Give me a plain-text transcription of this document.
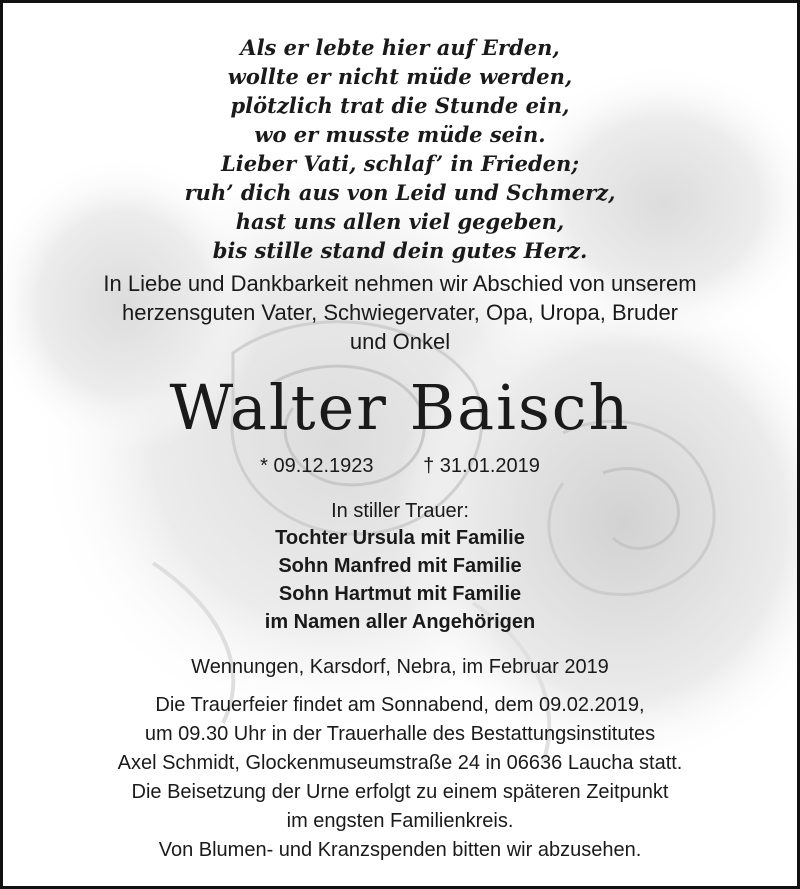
Als er lebte hier auf Erden,
wollte er nicht müde werden,
plötzlich trat die Stunde ein,
wo er musste müde sein.
Lieber Vati, schlaf’ in Frieden;
ruh’ dich aus von Leid und Schmerz,
hast uns allen viel gegeben,
bis stille stand dein gutes Herz.
In Liebe und Dankbarkeit nehmen wir Abschied von unserem
herzensguten Vater, Schwiegervater, Opa, Uropa, Bruder
und Onkel
Walter Baisch
* 09.12.1923 † 31.01.2019
In stiller Trauer:
Tochter Ursula mit Familie
Sohn Manfred mit Familie
Sohn Hartmut mit Familie
im Namen aller Angehörigen
Wennungen, Karsdorf, Nebra, im Februar 2019
Die Trauerfeier findet am Sonnabend, dem 09.02.2019,
um 09.30 Uhr in der Trauerhalle des Bestattungsinstitutes
Axel Schmidt, Glockenmuseumstraße 24 in 06636 Laucha statt.
Die Beisetzung der Urne erfolgt zu einem späteren Zeitpunkt
im engsten Familienkreis.
Von Blumen- und Kranzspenden bitten wir abzusehen.
